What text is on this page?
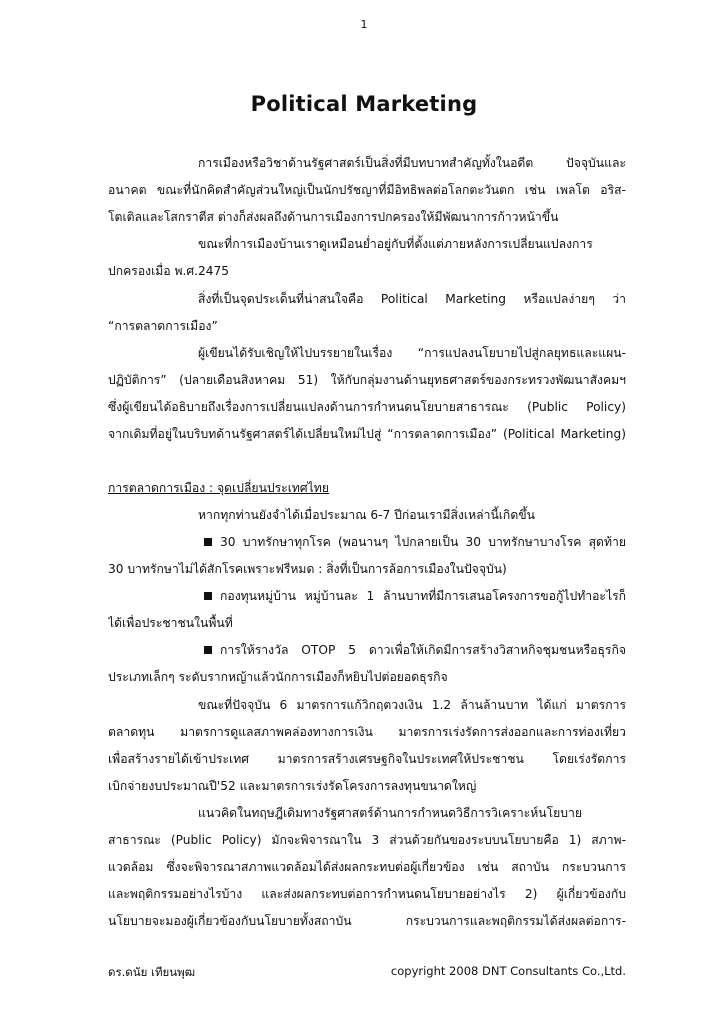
1
Political Marketing
การเมืองหรือวิชาด้านรัฐศาสตร์เป็นสิ่งที่มีบทบาทสำคัญทั้งในอดีต ปัจจุบันและ
อนาคต ขณะที่นักคิดสำคัญส่วนใหญ่เป็นนักปรัชญาที่มีอิทธิพลต่อโลกตะวันตก เช่น เพลโต อริส-
โตเติลและโสกราตีส ต่างก็ส่งผลถึงด้านการเมืองการปกครองให้มีพัฒนาการก้าวหน้าขึ้น
ขณะที่การเมืองบ้านเราดูเหมือนย่ำอยู่กับที่ตั้งแต่ภายหลังการเปลี่ยนแปลงการ
ปกครองเมื่อ พ.ศ.2475
สิ่งที่เป็นจุดประเด็นที่น่าสนใจคือ Political Marketing หรือแปลง่ายๆ ว่า
“การตลาดการเมือง”
ผู้เขียนได้รับเชิญให้ไปบรรยายในเรื่อง “การแปลงนโยบายไปสู่กลยุทธและแผน-
ปฏิบัติการ” (ปลายเดือนสิงหาคม 51) ให้กับกลุ่มงานด้านยุทธศาสตร์ของกระทรวงพัฒนาสังคมฯ
ซึ่งผู้เขียนได้อธิบายถึงเรื่องการเปลี่ยนแปลงด้านการกำหนดนโยบายสาธารณะ (Public Policy)
จากเดิมที่อยู่ในบริบทด้านรัฐศาสตร์ได้เปลี่ยนใหม่ไปสู่ “การตลาดการเมือง” (Political Marketing)
การตลาดการเมือง : จุดเปลี่ยนประเทศไทย
หากทุกท่านยังจำได้เมื่อประมาณ 6-7 ปีก่อนเรามีสิ่งเหล่านี้เกิดขึ้น
30 บาทรักษาทุกโรค (พอนานๆ ไปกลายเป็น 30 บาทรักษาบางโรค สุดท้าย
30 บาทรักษาไม่ได้สักโรคเพราะฟรีหมด : สิ่งที่เป็นการล้อการเมืองในปัจจุบัน)
กองทุนหมู่บ้าน หมู่บ้านละ 1 ล้านบาทที่มีการเสนอโครงการขอกู้ไปทำอะไรก็
ได้เพื่อประชาชนในพื้นที่
การให้รางวัล OTOP 5 ดาวเพื่อให้เกิดมีการสร้างวิสาหกิจชุมชนหรือธุรกิจ
ประเภทเล็กๆ ระดับรากหญ้าแล้วนักการเมืองก็หยิบไปต่อยอดธุรกิจ
ขณะที่ปัจจุบัน 6 มาตรการแก้วิกฤตวงเงิน 1.2 ล้านล้านบาท ได้แก่ มาตรการ
ตลาดทุน มาตรการดูแลสภาพคล่องทางการเงิน มาตรการเร่งรัดการส่งออกและการท่องเที่ยว
เพื่อสร้างรายได้เข้าประเทศ มาตรการสร้างเศรษฐกิจในประเทศให้ประชาชน โดยเร่งรัดการ
เบิกจ่ายงบประมาณปี'52 และมาตรการเร่งรัดโครงการลงทุนขนาดใหญ่
แนวคิดในทฤษฎีเดิมทางรัฐศาสตร์ด้านการกำหนดวิธีการวิเคราะห์นโยบาย
สาธารณะ (Public Policy) มักจะพิจารณาใน 3 ส่วนด้วยกันของระบบนโยบายคือ 1) สภาพ-
แวดล้อม ซึ่งจะพิจารณาสภาพแวดล้อมได้ส่งผลกระทบต่อผู้เกี่ยวข้อง เช่น สถาบัน กระบวนการ
และพฤติกรรมอย่างไรบ้าง และส่งผลกระทบต่อการกำหนดนโยบายอย่างไร 2) ผู้เกี่ยวข้องกับ
นโยบายจะมองผู้เกี่ยวข้องกับนโยบายทั้งสถาบัน กระบวนการและพฤติกรรมได้ส่งผลต่อการ-
ดร.ดนัย เทียนพุฒ	copyright 2008 DNT Consultants Co.,Ltd.
